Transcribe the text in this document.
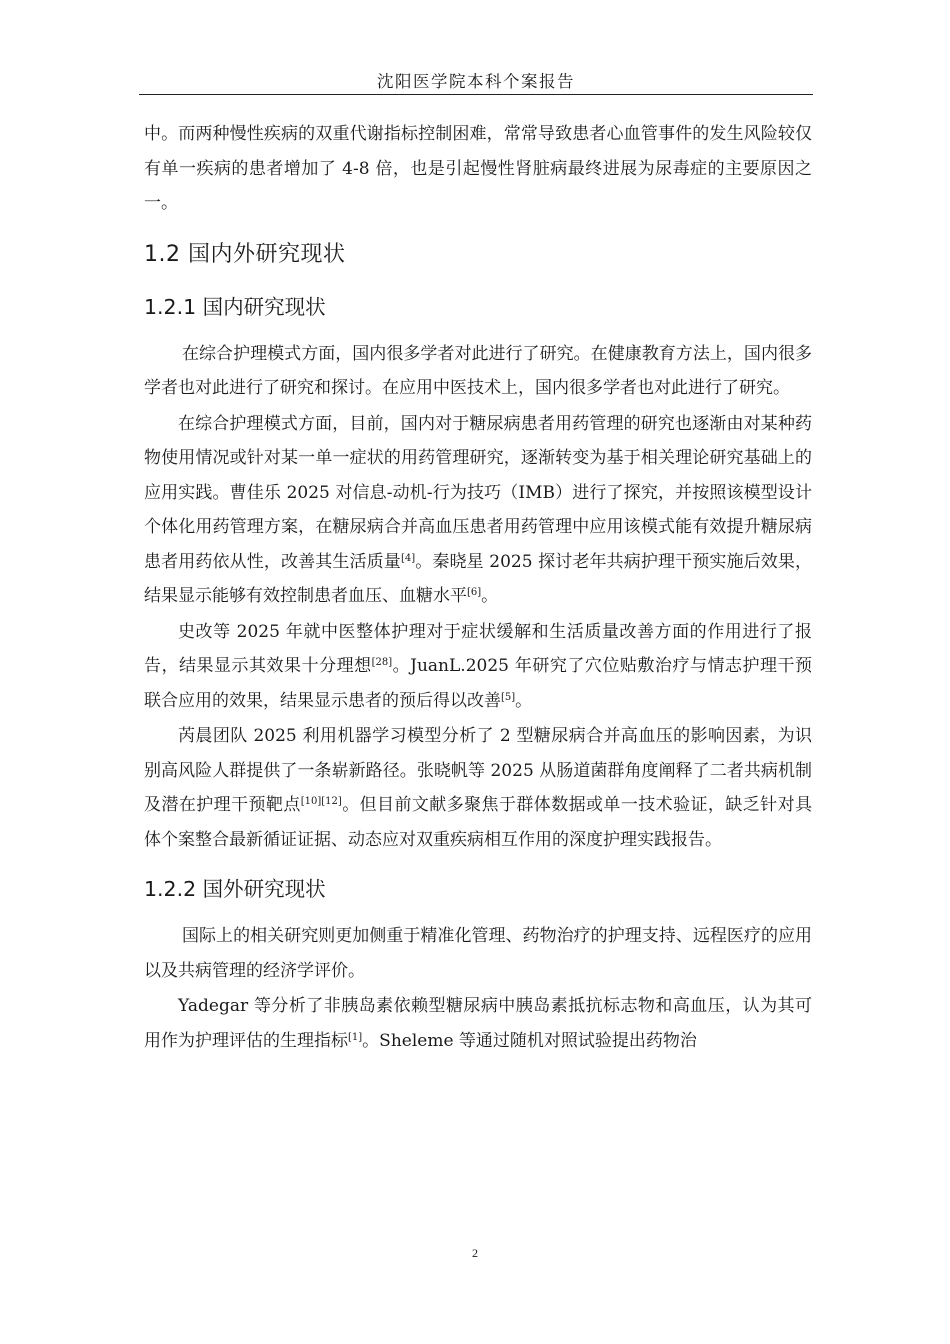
沈阳医学院本科个案报告

中。而两种慢性疾病的双重代谢指标控制困难，常常导致患者心血管事件的发生风险较仅有单一疾病的患者增加了 4-8 倍，也是引起慢性肾脏病最终进展为尿毒症的主要原因之一。

1.2 国内外研究现状
1.2.1 国内研究现状

在综合护理模式方面，国内很多学者对此进行了研究。在健康教育方法上，国内很多学者也对此进行了研究和探讨。在应用中医技术上，国内很多学者也对此进行了研究。

在综合护理模式方面，目前，国内对于糖尿病患者用药管理的研究也逐渐由对某种药物使用情况或针对某一单一症状的用药管理研究，逐渐转变为基于相关理论研究基础上的应用实践。曹佳乐 2025 对信息-动机-行为技巧（IMB）进行了探究，并按照该模型设计个体化用药管理方案，在糖尿病合并高血压患者用药管理中应用该模式能有效提升糖尿病患者用药依从性，改善其生活质量[4]。秦晓星 2025 探讨老年共病护理干预实施后效果，结果显示能够有效控制患者血压、血糖水平[6]。

史改等 2025 年就中医整体护理对于症状缓解和生活质量改善方面的作用进行了报告，结果显示其效果十分理想[28]。JuanL.2025 年研究了穴位贴敷治疗与情志护理干预联合应用的效果，结果显示患者的预后得以改善[5]。

芮晨团队 2025 利用机器学习模型分析了 2 型糖尿病合并高血压的影响因素，为识别高风险人群提供了一条崭新路径。张晓帆等 2025 从肠道菌群角度阐释了二者共病机制及潜在护理干预靶点[10][12]。但目前文献多聚焦于群体数据或单一技术验证，缺乏针对具体个案整合最新循证证据、动态应对双重疾病相互作用的深度护理实践报告。

1.2.2 国外研究现状

国际上的相关研究则更加侧重于精准化管理、药物治疗的护理支持、远程医疗的应用以及共病管理的经济学评价。

Yadegar 等分析了非胰岛素依赖型糖尿病中胰岛素抵抗标志物和高血压，认为其可用作为护理评估的生理指标[1]。Sheleme 等通过随机对照试验提出药物治

2
